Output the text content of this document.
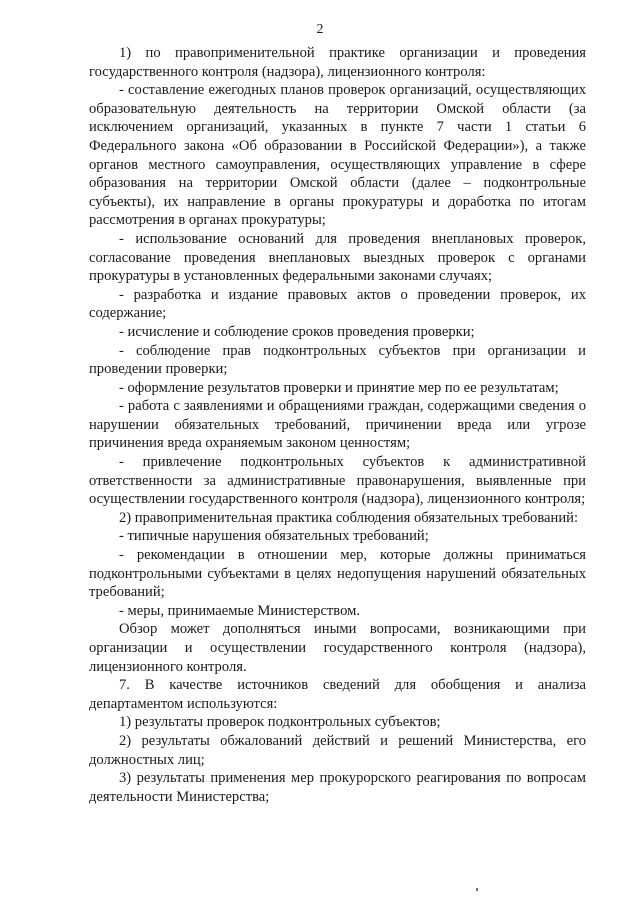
2

1) по правоприменительной практике организации и проведения государственного контроля (надзора), лицензионного контроля:

- составление ежегодных планов проверок организаций, осуществляющих образовательную деятельность на территории Омской области (за исключением организаций, указанных в пункте 7 части 1 статьи 6 Федерального закона «Об образовании в Российской Федерации»), а также органов местного самоуправления, осуществляющих управление в сфере образования на территории Омской области (далее – подконтрольные субъекты), их направление в органы прокуратуры и доработка по итогам рассмотрения в органах прокуратуры;

- использование оснований для проведения внеплановых проверок, согласование проведения внеплановых выездных проверок с органами прокуратуры в установленных федеральными законами случаях;

- разработка и издание правовых актов о проведении проверок, их содержание;

- исчисление и соблюдение сроков проведения проверки;

- соблюдение прав подконтрольных субъектов при организации и проведении проверки;

- оформление результатов проверки и принятие мер по ее результатам;

- работа с заявлениями и обращениями граждан, содержащими сведения о нарушении обязательных требований, причинении вреда или угрозе причинения вреда охраняемым законом ценностям;

- привлечение подконтрольных субъектов к административной ответственности за административные правонарушения, выявленные при осуществлении государственного контроля (надзора), лицензионного контроля;

2) правоприменительная практика соблюдения обязательных требований:

- типичные нарушения обязательных требований;

- рекомендации в отношении мер, которые должны приниматься подконтрольными субъектами в целях недопущения нарушений обязательных требований;

- меры, принимаемые Министерством.

Обзор может дополняться иными вопросами, возникающими при организации и осуществлении государственного контроля (надзора), лицензионного контроля.

7. В качестве источников сведений для обобщения и анализа департаментом используются:

1) результаты проверок подконтрольных субъектов;

2) результаты обжалований действий и решений Министерства, его должностных лиц;

3) результаты применения мер прокурорского реагирования по вопросам деятельности Министерства;
